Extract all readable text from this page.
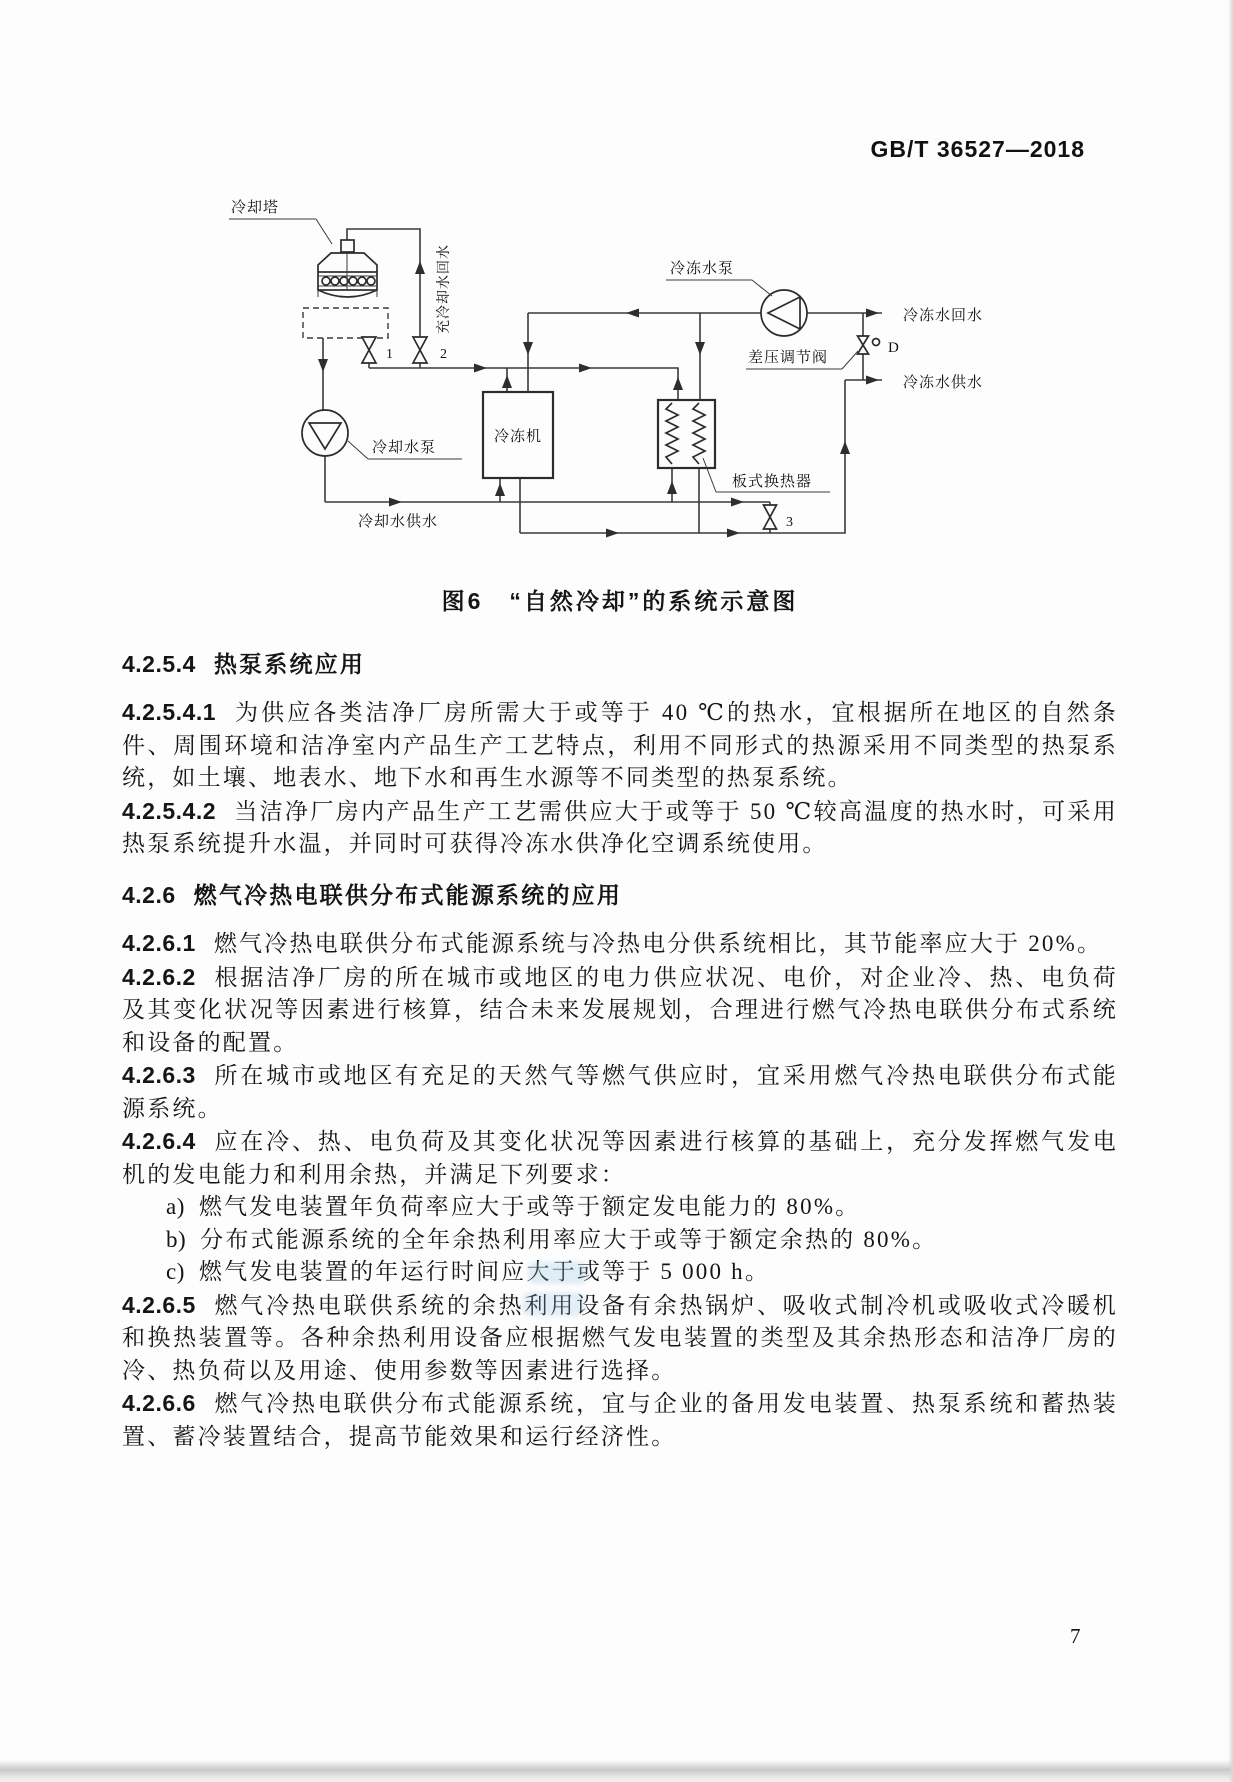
GB/T 36527—2018
冷冻机
冷却塔
充冷却水回水
1	2
3
冷却水泵
冷冻水泵
差压调节阀
D
冷冻水回水
冷冻水供水
板式换热器
冷却水供水

图6　“自然冷却”的系统示意图

4.2.5.4 热泵系统应用

4.2.5.4.1 为供应各类洁净厂房所需大于或等于 40 ℃的热水，宜根据所在地区的自然条件、周围环境和洁净室内产品生产工艺特点，利用不同形式的热源采用不同类型的热泵系统，如土壤、地表水、地下水和再生水源等不同类型的热泵系统。

4.2.5.4.2 当洁净厂房内产品生产工艺需供应大于或等于 50 ℃较高温度的热水时，可采用热泵系统提升水温，并同时可获得冷冻水供净化空调系统使用。

4.2.6 燃气冷热电联供分布式能源系统的应用

4.2.6.1 燃气冷热电联供分布式能源系统与冷热电分供系统相比，其节能率应大于 20%。

4.2.6.2 根据洁净厂房的所在城市或地区的电力供应状况、电价，对企业冷、热、电负荷及其变化状况等因素进行核算，结合未来发展规划，合理进行燃气冷热电联供分布式系统和设备的配置。

4.2.6.3 所在城市或地区有充足的天然气等燃气供应时，宜采用燃气冷热电联供分布式能源系统。

4.2.6.4 应在冷、热、电负荷及其变化状况等因素进行核算的基础上，充分发挥燃气发电机的发电能力和利用余热，并满足下列要求：

a) 燃气发电装置年负荷率应大于或等于额定发电能力的 80%。

b) 分布式能源系统的全年余热利用率应大于或等于额定余热的 80%。

c) 燃气发电装置的年运行时间应大于或等于 5 000 h。

4.2.6.5 燃气冷热电联供系统的余热利用设备有余热锅炉、吸收式制冷机或吸收式冷暖机和换热装置等。各种余热利用设备应根据燃气发电装置的类型及其余热形态和洁净厂房的冷、热负荷以及用途、使用参数等因素进行选择。

4.2.6.6 燃气冷热电联供分布式能源系统，宜与企业的备用发电装置、热泵系统和蓄热装置、蓄冷装置结合，提高节能效果和运行经济性。

7
